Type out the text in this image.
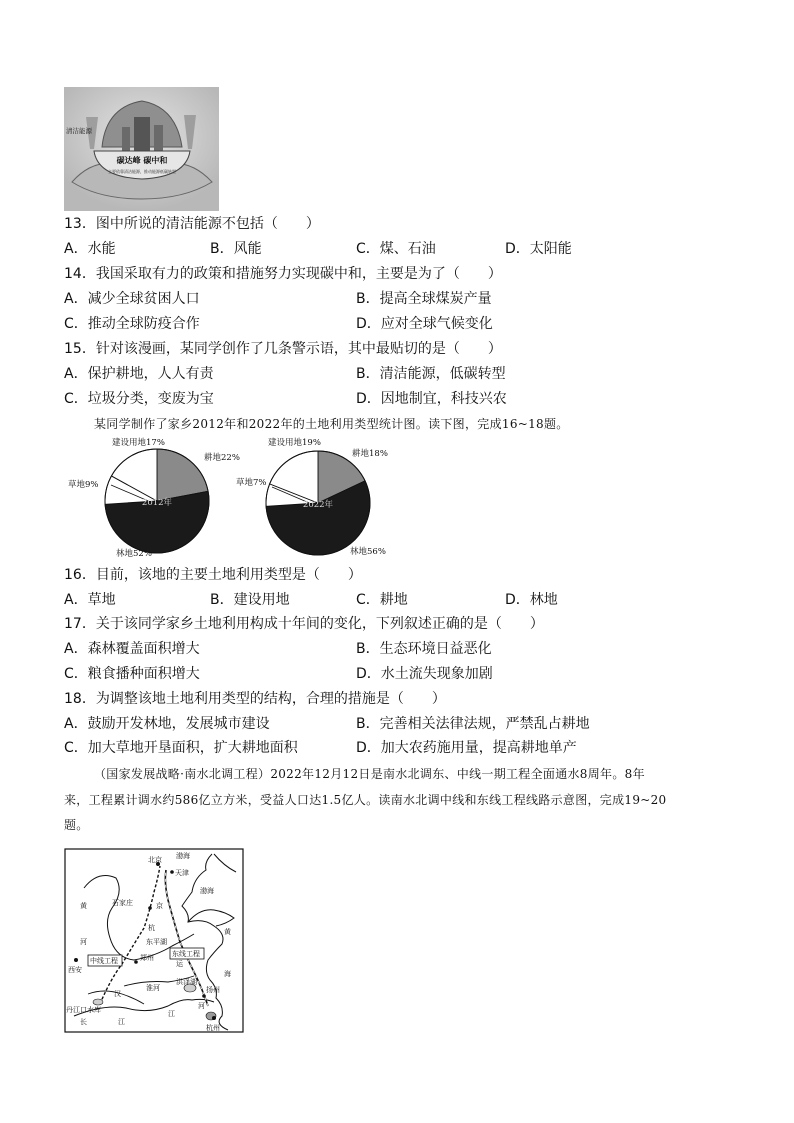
清洁能源
碳达峰 碳中和
主要依靠清洁能源，推动能源低碳转型
13．图中所说的清洁能源不包括（　　）
A．水能	B．风能	C．煤、石油	D．太阳能
14．我国采取有力的政策和措施努力实现碳中和，主要是为了（　　）
A．减少全球贫困人口	B．提高全球煤炭产量
C．推动全球防疫合作	D．应对全球气候变化
15．针对该漫画，某同学创作了几条警示语，其中最贴切的是（　　）
A．保护耕地，人人有责	B．清洁能源，低碳转型
C．垃圾分类，变废为宝	D．因地制宜，科技兴农
某同学制作了家乡2012年和2022年的土地利用类型统计图。读下图，完成16~18题。
2012年
建设用地17%
耕地22%
林地52%
草地9%
2022年
建设用地19%
耕地18%
林地56%
草地7%
16．目前，该地的主要土地利用类型是（　　）
A．草地	B．建设用地	C．耕地	D．林地
17．关于该同学家乡土地利用构成十年间的变化，下列叙述正确的是（　　）
A．森林覆盖面积增大	B．生态环境日益恶化
C．粮食播种面积增大	D．水土流失现象加剧
18．为调整该地土地利用类型的结构，合理的措施是（　　）
A．鼓励开发林地，发展城市建设	B．完善相关法律法规，严禁乱占耕地
C．加大草地开垦面积，扩大耕地面积	D．加大农药施用量，提高耕地单产
（国家发展战略·南水北调工程）2022年12月12日是南水北调东、中线一期工程全面通水8周年。8年
来，工程累计调水约586亿立方米，受益人口达1.5亿人。读南水北调中线和东线工程线路示意图，完成19~20
题。
北京
天津
渤海
渤海
石家庄	京
黄
黄
河
西安
中线工程
东线工程
郑州
东平湖
杭
运
海
丹江口水库
汉
淮河
洪泽湖
扬州
河
长	江
江
杭州
